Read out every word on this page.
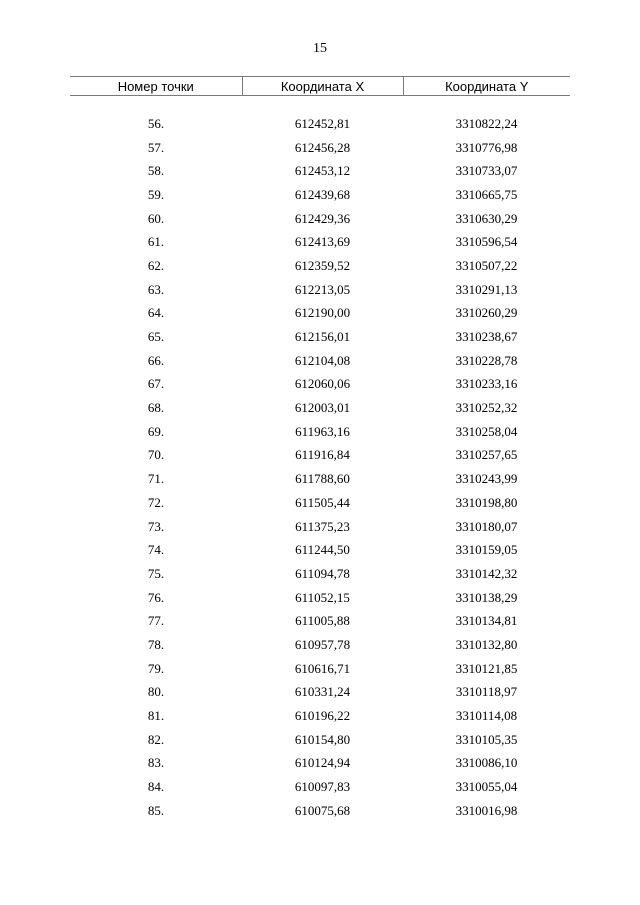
15
Номер точки	Координата X	Координата Y

56.	612452,81	3310822,24
57.	612456,28	3310776,98
58.	612453,12	3310733,07
59.	612439,68	3310665,75
60.	612429,36	3310630,29
61.	612413,69	3310596,54
62.	612359,52	3310507,22
63.	612213,05	3310291,13
64.	612190,00	3310260,29
65.	612156,01	3310238,67
66.	612104,08	3310228,78
67.	612060,06	3310233,16
68.	612003,01	3310252,32
69.	611963,16	3310258,04
70.	611916,84	3310257,65
71.	611788,60	3310243,99
72.	611505,44	3310198,80
73.	611375,23	3310180,07
74.	611244,50	3310159,05
75.	611094,78	3310142,32
76.	611052,15	3310138,29
77.	611005,88	3310134,81
78.	610957,78	3310132,80
79.	610616,71	3310121,85
80.	610331,24	3310118,97
81.	610196,22	3310114,08
82.	610154,80	3310105,35
83.	610124,94	3310086,10
84.	610097,83	3310055,04
85.	610075,68	3310016,98
